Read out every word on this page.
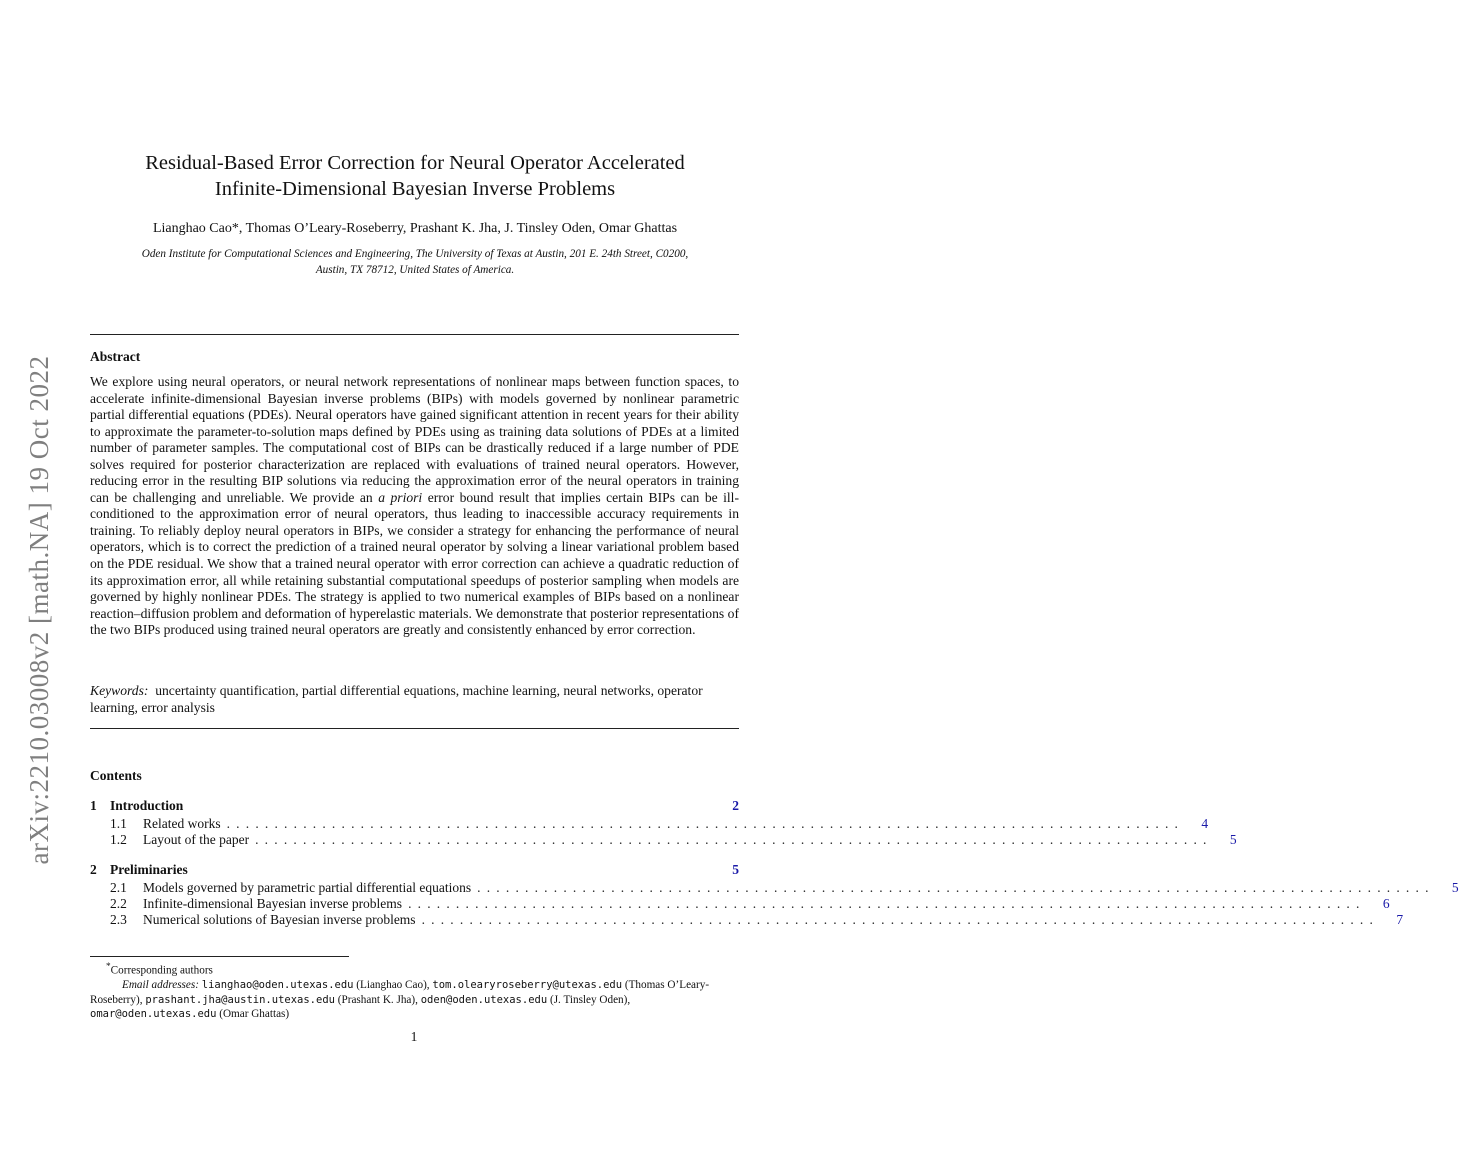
arXiv:2210.03008v2 [math.NA] 19 Oct 2022
Residual-Based Error Correction for Neural Operator Accelerated
Infinite-Dimensional Bayesian Inverse Problems
Lianghao Cao*, Thomas O’Leary-Roseberry, Prashant K. Jha, J. Tinsley Oden, Omar Ghattas
Oden Institute for Computational Sciences and Engineering, The University of Texas at Austin, 201 E. 24th Street, C0200,
Austin, TX 78712, United States of America.
Abstract
We explore using neural operators, or neural network representations of nonlinear maps between function spaces, to accelerate infinite-dimensional Bayesian inverse problems (BIPs) with models governed by nonlinear parametric partial differential equations (PDEs). Neural operators have gained significant attention in recent years for their ability to approximate the parameter-to-solution maps defined by PDEs using as training data solutions of PDEs at a limited number of parameter samples. The computational cost of BIPs can be drastically reduced if a large number of PDE solves required for posterior characterization are replaced with evaluations of trained neural operators. However, reducing error in the resulting BIP solutions via reducing the approximation error of the neural operators in training can be challenging and unreliable. We provide an a priori error bound result that implies certain BIPs can be ill-conditioned to the approximation error of neural operators, thus leading to inaccessible accuracy requirements in training. To reliably deploy neural operators in BIPs, we consider a strategy for enhancing the performance of neural operators, which is to correct the prediction of a trained neural operator by solving a linear variational problem based on the PDE residual. We show that a trained neural operator with error correction can achieve a quadratic reduction of its approximation error, all while retaining substantial computational speedups of posterior sampling when models are governed by highly nonlinear PDEs. The strategy is applied to two numerical examples of BIPs based on a nonlinear reaction–diffusion problem and deformation of hyperelastic materials. We demonstrate that posterior representations of the two BIPs produced using trained neural operators are greatly and consistently enhanced by error correction.
Keywords: uncertainty quantification, partial differential equations, machine learning, neural networks, operator learning, error analysis
Contents
1 Introduction	2
1.1	Related works ....................................................................................................	4
1.2	Layout of the paper ....................................................................................................	5
2 Preliminaries	5
2.1	Models governed by parametric partial differential equations ....................................................................................................	5
2.2	Infinite-dimensional Bayesian inverse problems ....................................................................................................	6
2.3	Numerical solutions of Bayesian inverse problems ....................................................................................................	7
*Corresponding authors
Email addresses: lianghao@oden.utexas.edu (Lianghao Cao), tom.olearyroseberry@utexas.edu (Thomas O’Leary-Roseberry), prashant.jha@austin.utexas.edu (Prashant K. Jha), oden@oden.utexas.edu (J. Tinsley Oden), omar@oden.utexas.edu (Omar Ghattas)
1
